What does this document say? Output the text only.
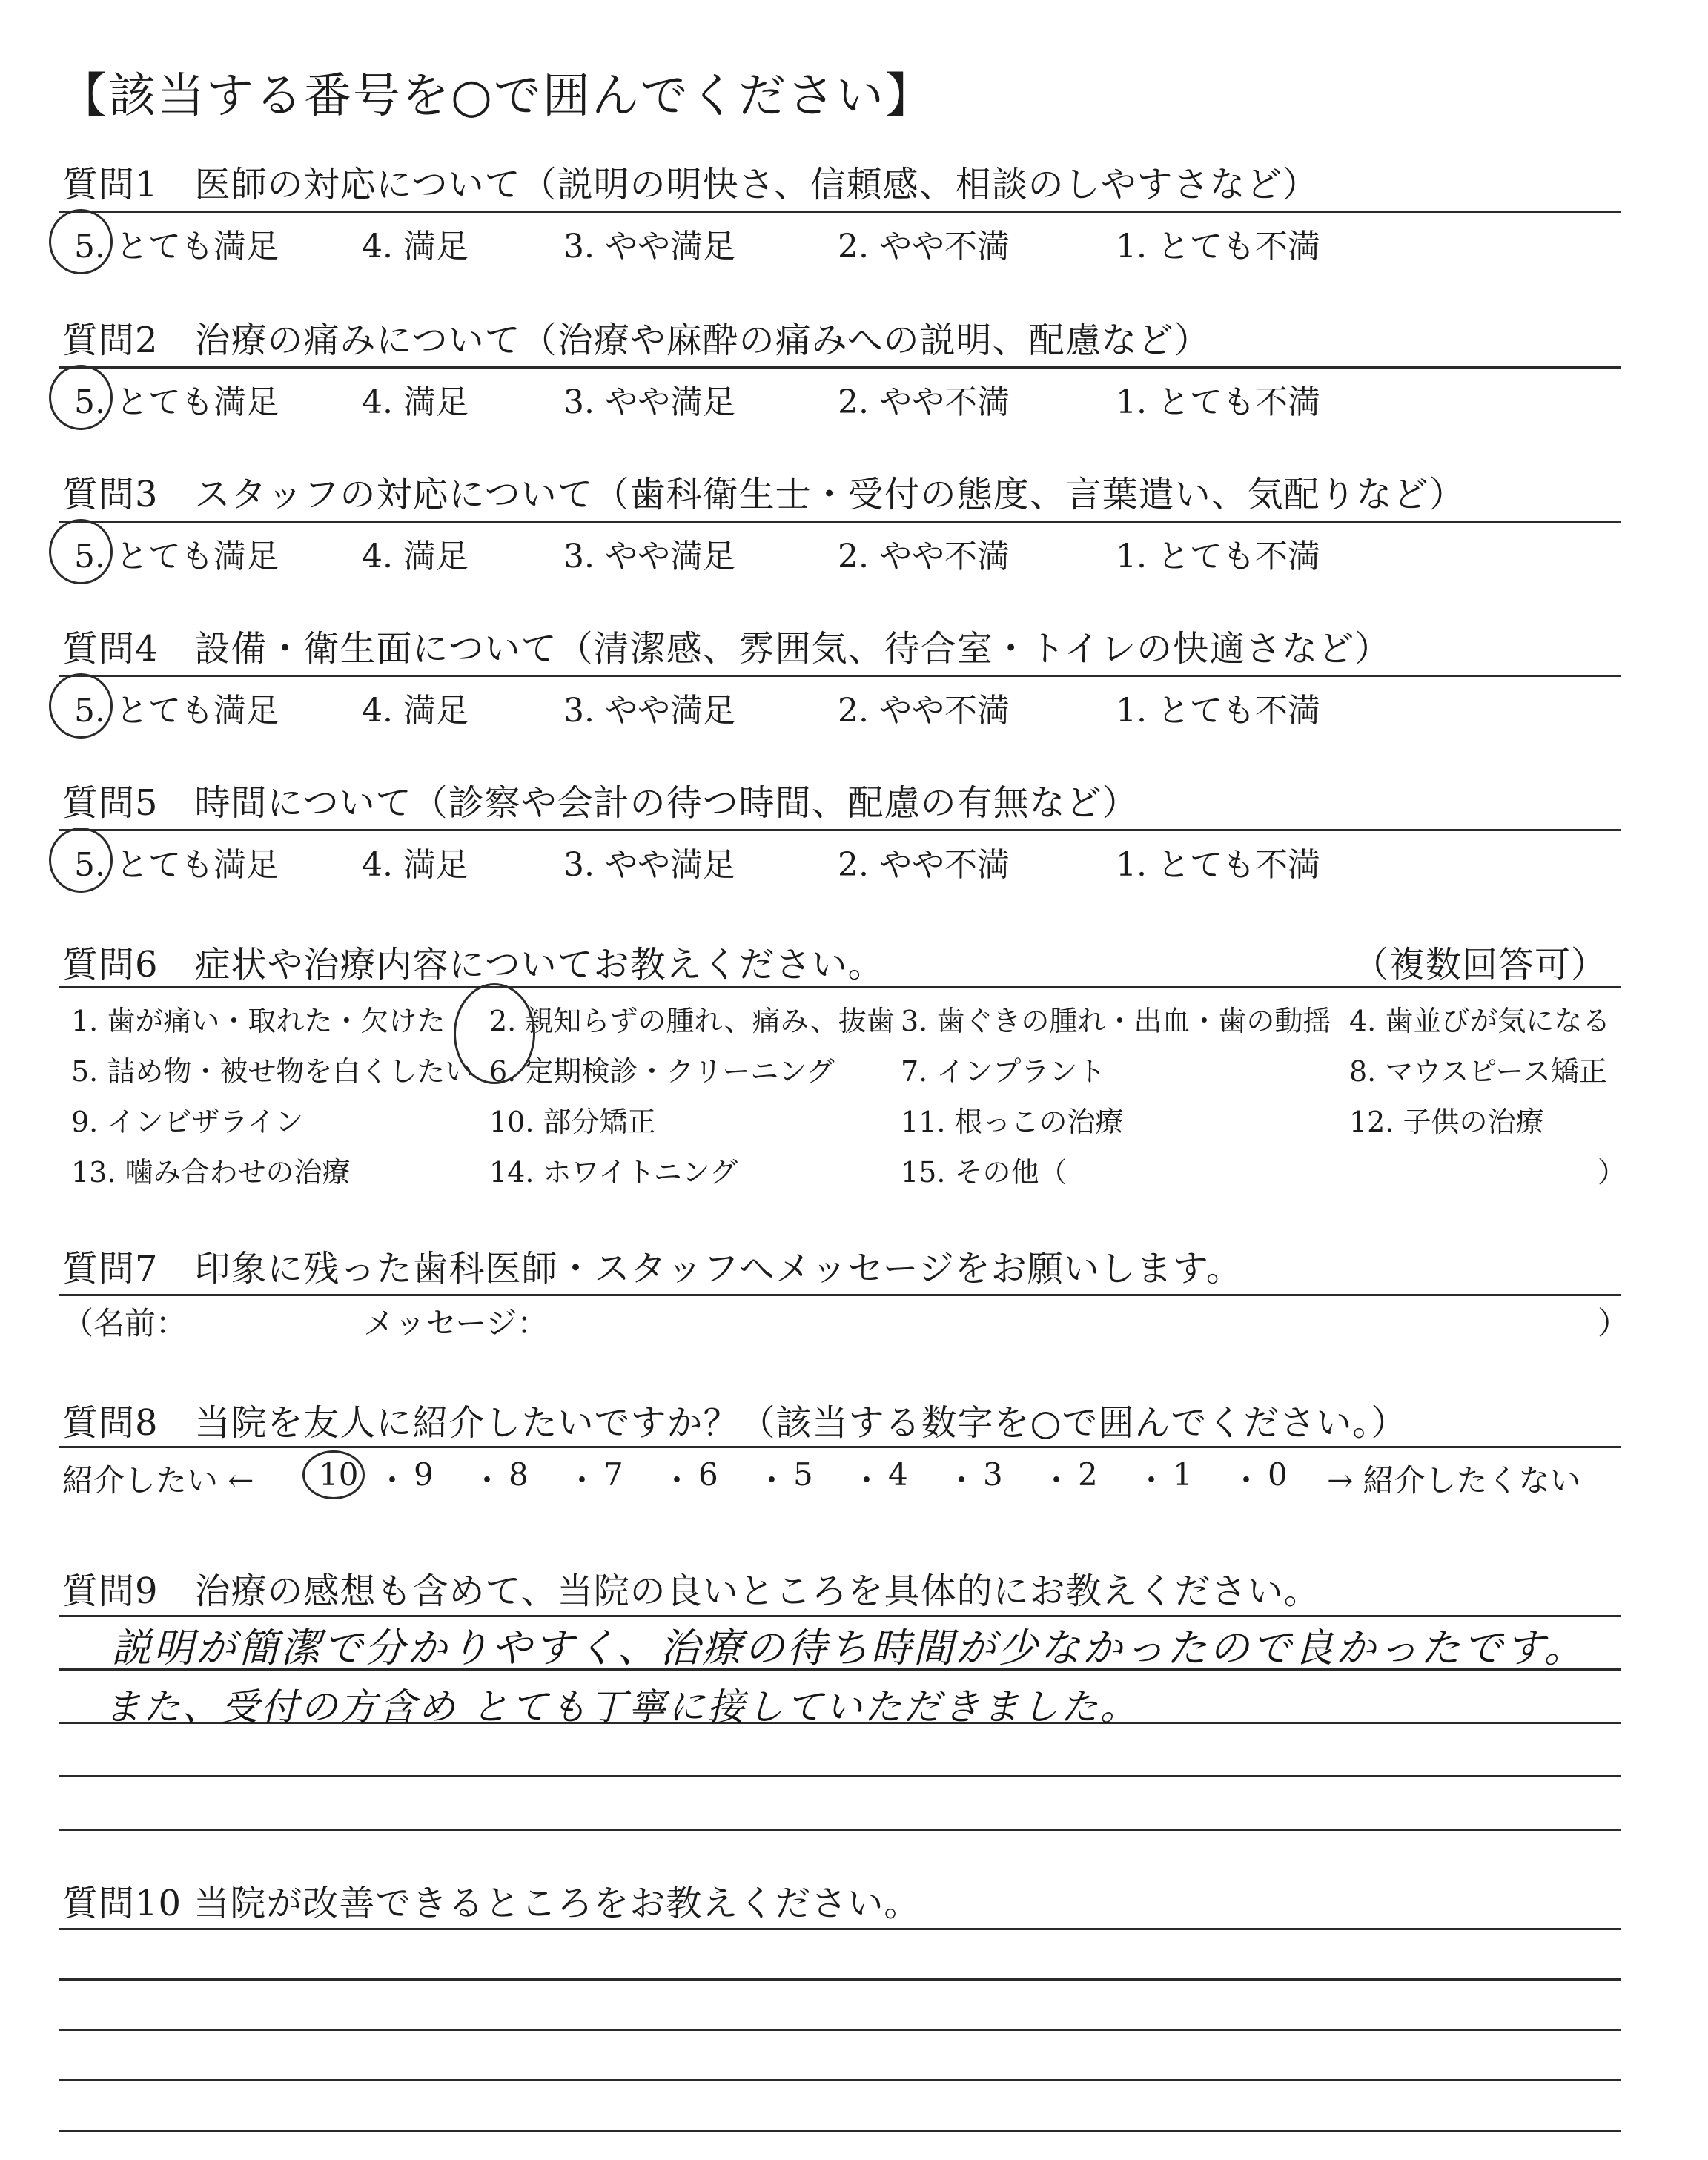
【該当する番号を○で囲んでください】
質問1　医師の対応について（説明の明快さ、信頼感、相談のしやすさなど）
5. とても満足	4. 満足	3. やや満足	2. やや不満	1. とても不満
質問2　治療の痛みについて（治療や麻酔の痛みへの説明、配慮など）
5. とても満足	4. 満足	3. やや満足	2. やや不満	1. とても不満
質問3　スタッフの対応について（歯科衛生士・受付の態度、言葉遣い、気配りなど）
5. とても満足	4. 満足	3. やや満足	2. やや不満	1. とても不満
質問4　設備・衛生面について（清潔感、雰囲気、待合室・トイレの快適さなど）
5. とても満足	4. 満足	3. やや満足	2. やや不満	1. とても不満
質問5　時間について（診察や会計の待つ時間、配慮の有無など）
5. とても満足	4. 満足	3. やや満足	2. やや不満	1. とても不満
質問6　症状や治療内容についてお教えください。	（複数回答可）
1. 歯が痛い・取れた・欠けた 2. 親知らずの腫れ、痛み、抜歯 3. 歯ぐきの腫れ・出血・歯の動揺 4. 歯並びが気になる
5. 詰め物・被せ物を白くしたい 6. 定期検診・クリーニング 7. インプラント	8. マウスピース矯正
9. インビザライン	10. 部分矯正	11. 根っこの治療	12. 子供の治療
13. 噛み合わせの治療	14. ホワイトニング	15. その他（	）
質問7　印象に残った歯科医師・スタッフへメッセージをお願いします。
（名前：	メッセージ：	）
質問8　当院を友人に紹介したいですか？（該当する数字を○で囲んでください。）
紹介したい ← 10 ・ 9 ・ 8 ・ 7 ・ 6 ・ 5 ・ 4 ・ 3 ・ 2 ・ 1 ・ 0 → 紹介したくない
質問9　治療の感想も含めて、当院の良いところを具体的にお教えください。
説明が簡潔で分かりやすく、治療の待ち時間が少なかったので良かったです。
また、受付の方含め とても丁寧に接していただきました。
質問10 当院が改善できるところをお教えください。
